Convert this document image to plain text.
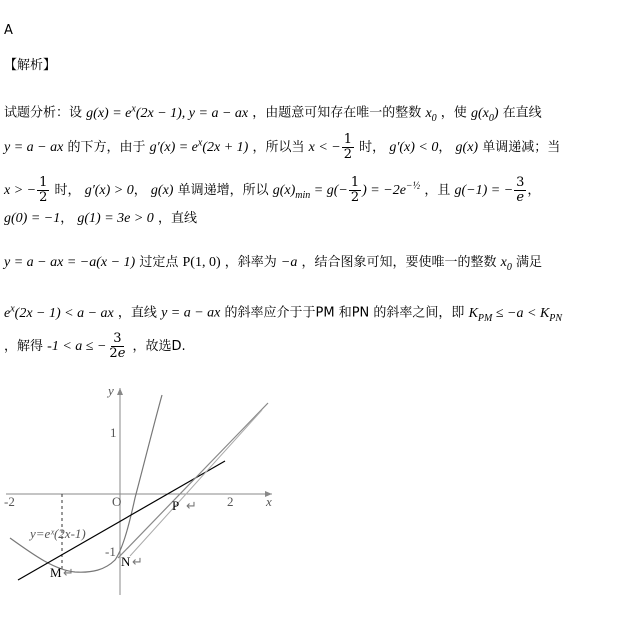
A
【解析】
试题分析：设 $g(x) = e^x(2x - 1)$, y = a − ax ，由题意可知存在唯一的整数 $x_0$ ，使 $g(x_0)$ 在直线
y = a − ax 的下方，由于 $g'(x) = e^x(2x + 1)$ ，所以当 x < − $\frac{1}{2}$ 时， g′(x) < 0， g(x) 单调递减；当
x > − $\frac{1}{2}$ 时， g′(x) > 0， g(x) 单调递增，所以 $g(x)_{min} = g(- \frac{1}{2}$ ) = $-2e^{-\frac{1}{2}}$ ，且 g(−1) = − $\frac{3}{e}$ ，
g(0) = −1， g(1) = 3e > 0 ，直线
y = a − ax = −a(x − 1) 过定点 P(1, 0) ，斜率为 −a ，结合图象可知，要使唯一的整数 $x_0$ 满足
$e^x(2x - 1) < a$ − ax ，直线 y = a − ax 的斜率应介于于PM 和PN 的斜率之间，即 $K_{PM} \le -a < K_{PN}$
，解得 -1 < a ≤ − $\frac{3}{2e}$ ，故选D.
-2	2
1
-1
O	x
y
y=eˣ(2x-1)
P ↵
M ↵
N ↵
